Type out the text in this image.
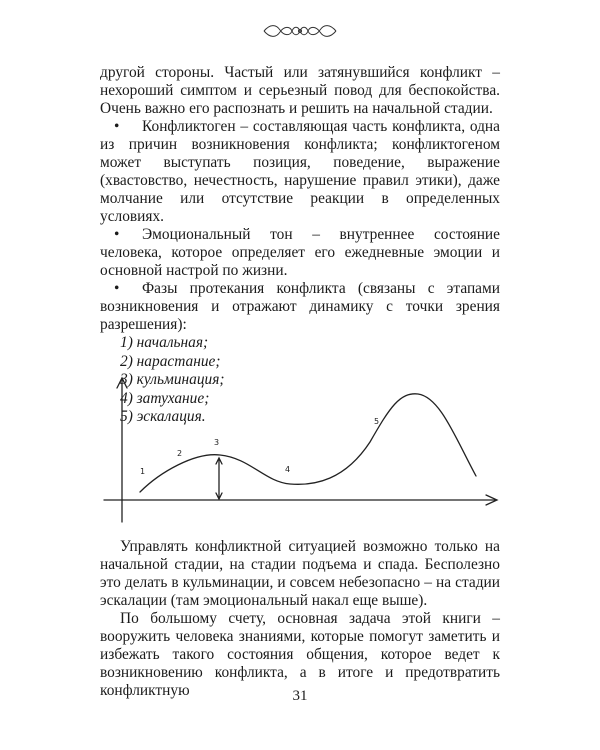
другой стороны. Частый или затянувшийся конфликт – нехороший симптом и серьезный повод для беспокойства. Очень важно его распознать и решить на начальной стадии.

• Конфликтоген – составляющая часть конфликта, одна из причин возникновения конфликта; конфликтогеном может выступать позиция, поведение, выражение (хвастовство, нечестность, нарушение правил этики), даже молчание или отсутствие реакции в определенных условиях.

• Эмоциональный тон – внутреннее состояние человека, которое определяет его ежедневные эмоции и основной настрой по жизни.

• Фазы протекания конфликта (связаны с этапами возникновения и отражают динамику с точки зрения разрешения):

1) начальная;
2) нарастание;
3) кульминация;
4) затухание;
5) эскалация.
1
2
3
4
5

Управлять конфликтной ситуацией возможно только на начальной стадии, на стадии подъема и спада. Бесполезно это делать в кульминации, и совсем небезопасно – на стадии эскалации (там эмоциональный накал еще выше).

По большому счету, основная задача этой книги – вооружить человека знаниями, которые помогут заметить и избежать такого состояния общения, которое ведет к возникновению конфликта, а в итоге и предотвратить конфликтную	31
